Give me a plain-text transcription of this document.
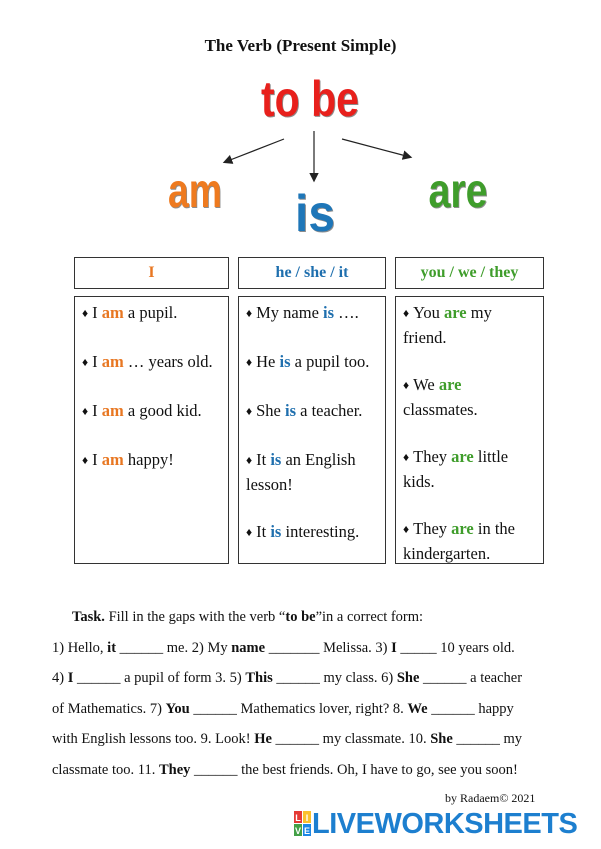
The Verb (Present Simple)
to be
am is are
I	he / she / it	you / we / they

♦ I am a pupil.

♦ I am … years old.

♦ I am a good kid.

♦ I am happy!

♦ My name is ….

♦ He is a pupil too.

♦ She is a teacher.

♦ It is an English lesson!

♦ It is interesting.

♦ You are my friend.

♦ We are classmates.

♦ They are little kids.

♦ They are in the kindergarten.

Task. Fill in the gaps with the verb “to be”in a correct form:
1) Hello, it ______ me. 2) My name _______ Melissa. 3) I _____ 10 years old.
4) I ______ a pupil of form 3. 5) This ______ my class. 6) She ______ a teacher
of Mathematics. 7) You ______ Mathematics lover, right? 8. We ______ happy
with English lessons too. 9. Look! He ______ my classmate. 10. She ______ my
classmate too. 11. They ______ the best friends. Oh, I have to go, see you soon!
by Radaem© 2021
L I
V E LIVEWORKSHEETS
